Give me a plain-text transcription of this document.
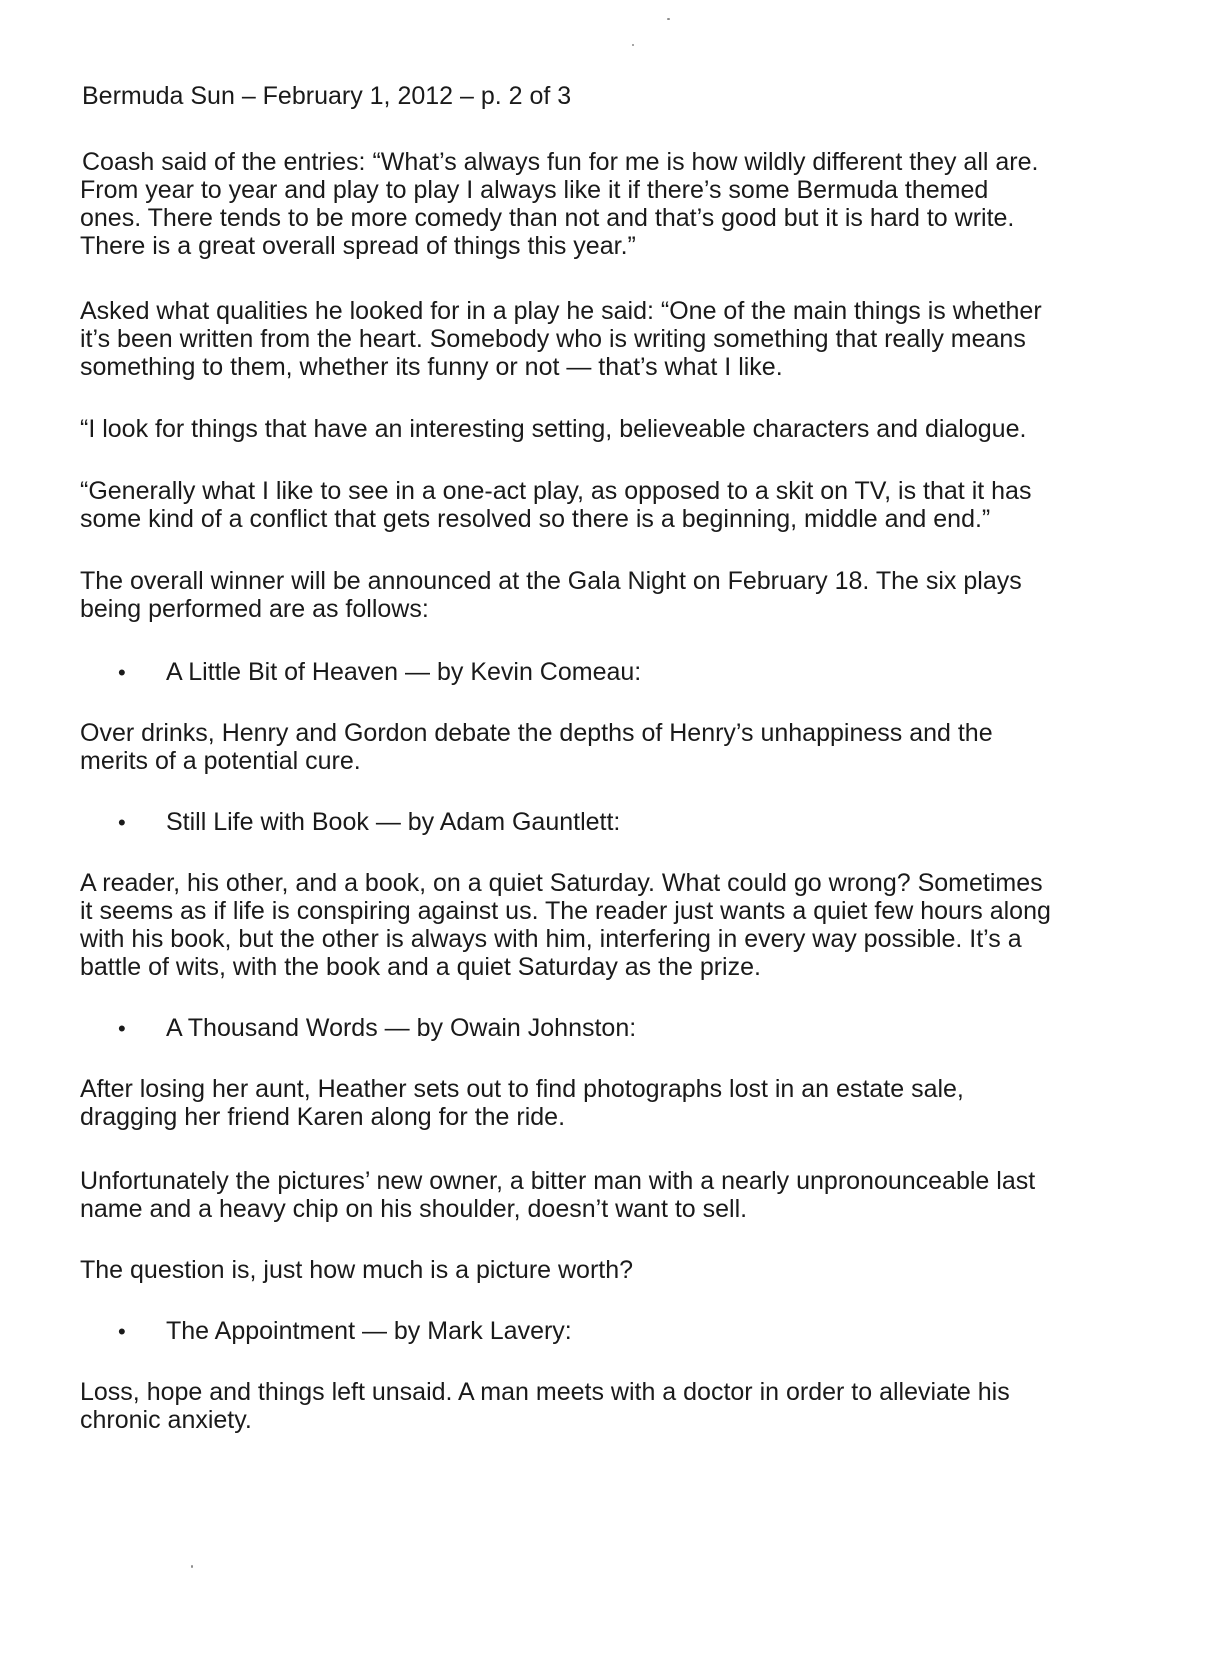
Bermuda Sun – February 1, 2012 – p. 2 of 3

Coash said of the entries: “What’s always fun for me is how wildly different they all are.

From year to year and play to play I always like it if there’s some Bermuda themed

ones. There tends to be more comedy than not and that’s good but it is hard to write.

There is a great overall spread of things this year.”

Asked what qualities he looked for in a play he said: “One of the main things is whether

it’s been written from the heart. Somebody who is writing something that really means

something to them, whether its funny or not — that’s what I like.

“I look for things that have an interesting setting, believeable characters and dialogue.

“Generally what I like to see in a one-act play, as opposed to a skit on TV, is that it has

some kind of a conflict that gets resolved so there is a beginning, middle and end.”

The overall winner will be announced at the Gala Night on February 18. The six plays

being performed are as follows:

• A Little Bit of Heaven — by Kevin Comeau:

Over drinks, Henry and Gordon debate the depths of Henry’s unhappiness and the

merits of a potential cure.

• Still Life with Book — by Adam Gauntlett:

A reader, his other, and a book, on a quiet Saturday. What could go wrong? Sometimes

it seems as if life is conspiring against us. The reader just wants a quiet few hours along

with his book, but the other is always with him, interfering in every way possible. It’s a

battle of wits, with the book and a quiet Saturday as the prize.

• A Thousand Words — by Owain Johnston:

After losing her aunt, Heather sets out to find photographs lost in an estate sale,

dragging her friend Karen along for the ride.

Unfortunately the pictures’ new owner, a bitter man with a nearly unpronounceable last

name and a heavy chip on his shoulder, doesn’t want to sell.

The question is, just how much is a picture worth?

• The Appointment — by Mark Lavery:

Loss, hope and things left unsaid. A man meets with a doctor in order to alleviate his

chronic anxiety.
